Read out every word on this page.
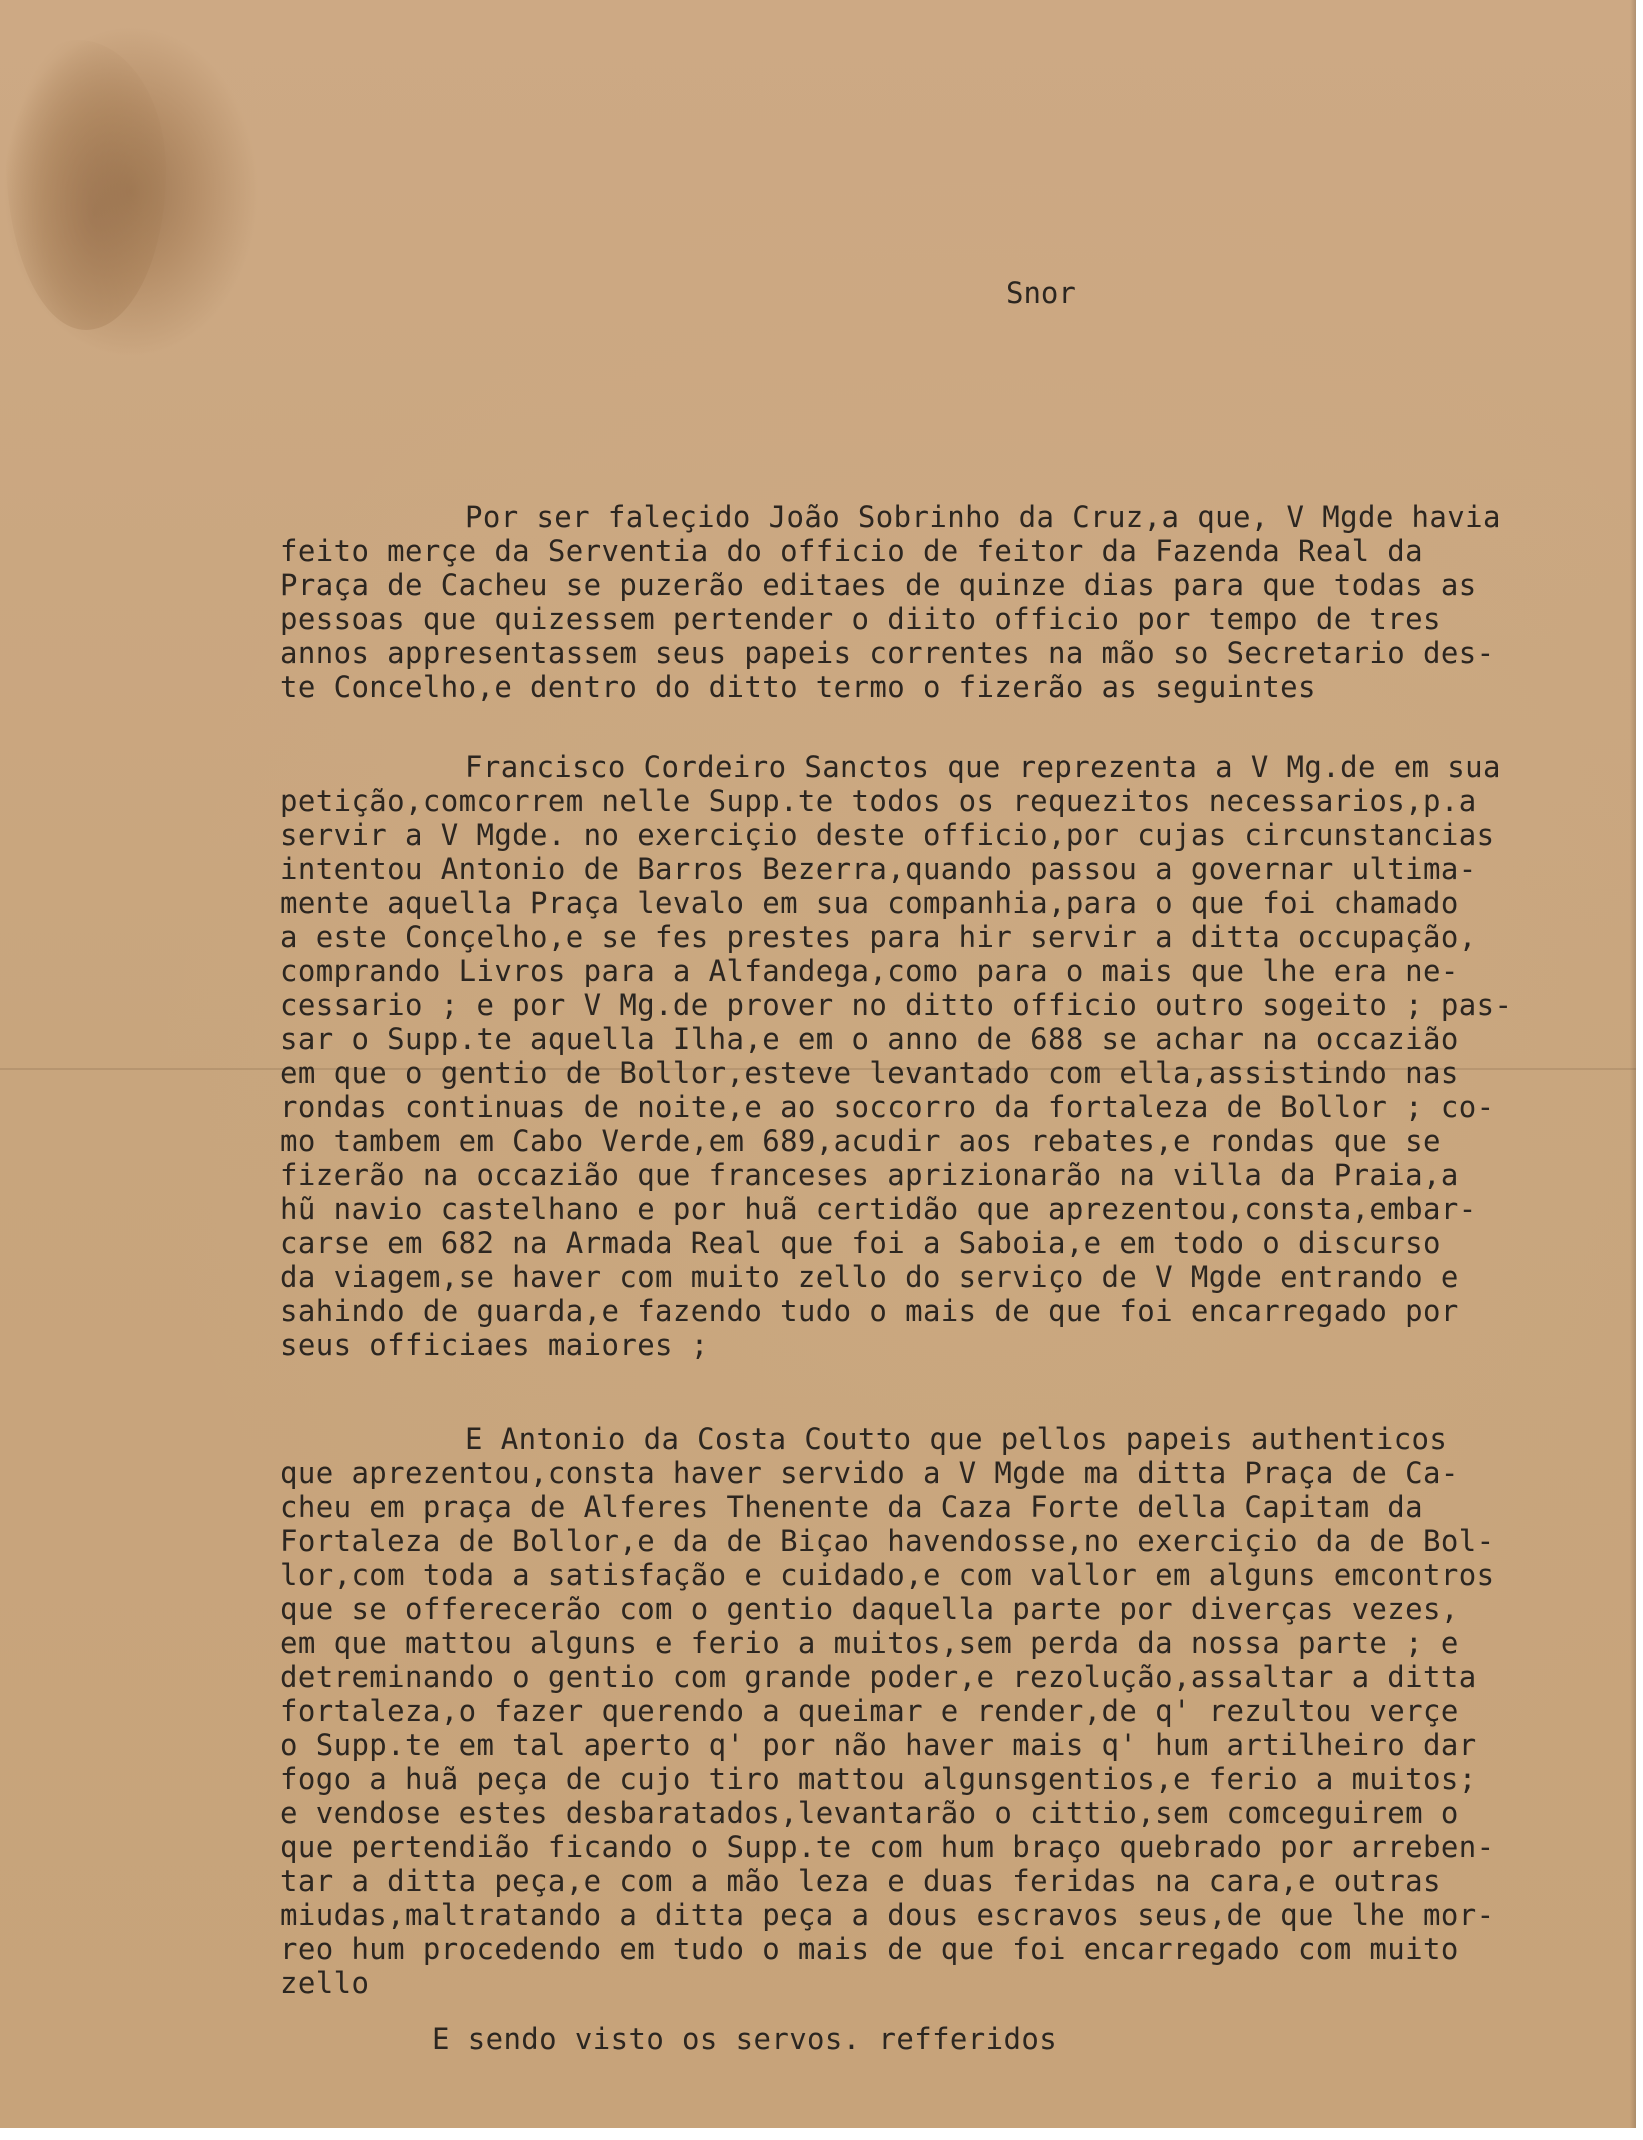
Snor
Por ser faleçido João Sobrinho da Cruz,a que, V Mgde havia
feito merçe da Serventia do officio de feitor da Fazenda Real da
Praça de Cacheu se puzerão editaes de quinze dias para que todas as
pessoas que quizessem pertender o diito officio por tempo de tres
annos appresentassem seus papeis correntes na mão so Secretario des-
te Concelho,e dentro do ditto termo o fizerão as seguintes
Francisco Cordeiro Sanctos que reprezenta a V Mg.de em sua
petição,comcorrem nelle Supp.te todos os requezitos necessarios,p.a
servir a V Mgde. no exerciçio deste officio,por cujas circunstancias
intentou Antonio de Barros Bezerra,quando passou a governar ultima-
mente aquella Praça levalo em sua companhia,para o que foi chamado
a este Conçelho,e se fes prestes para hir servir a ditta occupação,
comprando Livros para a Alfandega,como para o mais que lhe era ne-
cessario ; e por V Mg.de prover no ditto officio outro sogeito ; pas-
sar o Supp.te aquella Ilha,e em o anno de 688 se achar na occazião
em que o gentio de Bollor,esteve levantado com ella,assistindo nas
rondas continuas de noite,e ao soccorro da fortaleza de Bollor ; co-
mo tambem em Cabo Verde,em 689,acudir aos rebates,e rondas que se
fizerão na occazião que franceses aprizionarão na villa da Praia,a
hũ navio castelhano e por huã certidão que aprezentou,consta,embar-
carse em 682 na Armada Real que foi a Saboia,e em todo o discurso
da viagem,se haver com muito zello do serviço de V Mgde entrando e
sahindo de guarda,e fazendo tudo o mais de que foi encarregado por
seus officiaes maiores ;
E Antonio da Costa Coutto que pellos papeis authenticos
que aprezentou,consta haver servido a V Mgde ma ditta Praça de Ca-
cheu em praça de Alferes Thenente da Caza Forte della Capitam da
Fortaleza de Bollor,e da de Biçao havendosse,no exerciçio da de Bol-
lor,com toda a satisfação e cuidado,e com vallor em alguns emcontros
que se offerecerão com o gentio daquella parte por diverças vezes,
em que mattou alguns e ferio a muitos,sem perda da nossa parte ; e
detreminando o gentio com grande poder,e rezolução,assaltar a ditta
fortaleza,o fazer querendo a queimar e render,de q' rezultou verçe
o Supp.te em tal aperto q' por não haver mais q' hum artilheiro dar
fogo a huã peça de cujo tiro mattou algunsgentios,e ferio a muitos;
e vendose estes desbaratados,levantarão o cittio,sem comceguirem o
que pertendião ficando o Supp.te com hum braço quebrado por arreben-
tar a ditta peça,e com a mão leza e duas feridas na cara,e outras
miudas,maltratando a ditta peça a dous escravos seus,de que lhe mor-
reo hum procedendo em tudo o mais de que foi encarregado com muito
zello
E sendo visto os servos. refferidos
